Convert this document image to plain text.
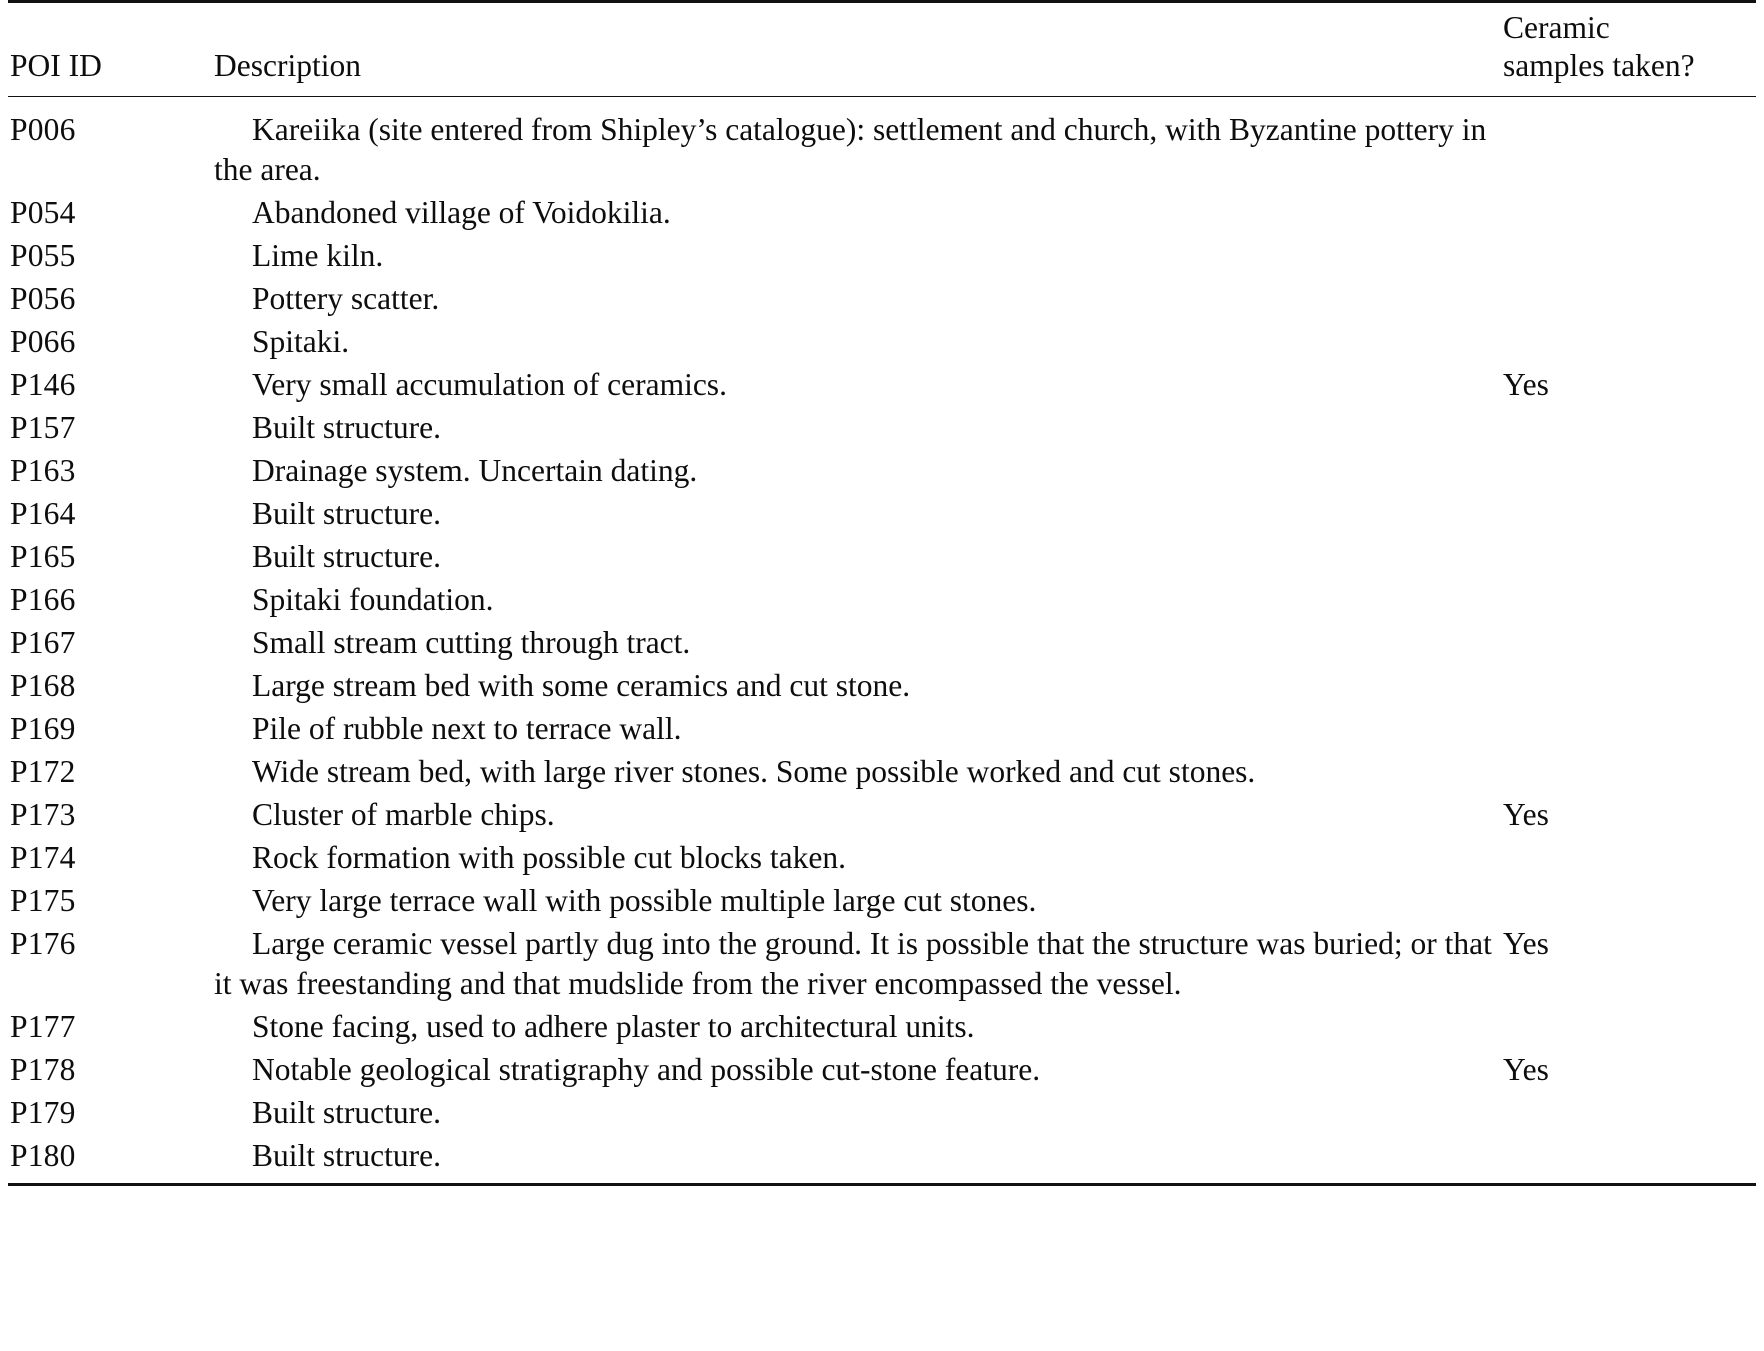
POI ID	Description	Ceramic
samples taken?

P006	Kareiika (site entered from Shipley’s catalogue): settlement and church, with Byzantine pottery in the area.	
P054	Abandoned village of Voidokilia.	
P055	Lime kiln.	
P056	Pottery scatter.	
P066	Spitaki.	
P146	Very small accumulation of ceramics.	Yes
P157	Built structure.	
P163	Drainage system. Uncertain dating.	
P164	Built structure.	
P165	Built structure.	
P166	Spitaki foundation.	
P167	Small stream cutting through tract.	
P168	Large stream bed with some ceramics and cut stone.	
P169	Pile of rubble next to terrace wall.	
P172	Wide stream bed, with large river stones. Some possible worked and cut stones.	
P173	Cluster of marble chips.	Yes
P174	Rock formation with possible cut blocks taken.	
P175	Very large terrace wall with possible multiple large cut stones.	
P176	Large ceramic vessel partly dug into the ground. It is possible that the structure was buried; or that it was freestanding and that mudslide from the river encompassed the vessel.	Yes
P177	Stone facing, used to adhere plaster to architectural units.	
P178	Notable geological stratigraphy and possible cut-stone feature.	Yes
P179	Built structure.	
P180	Built structure.	
